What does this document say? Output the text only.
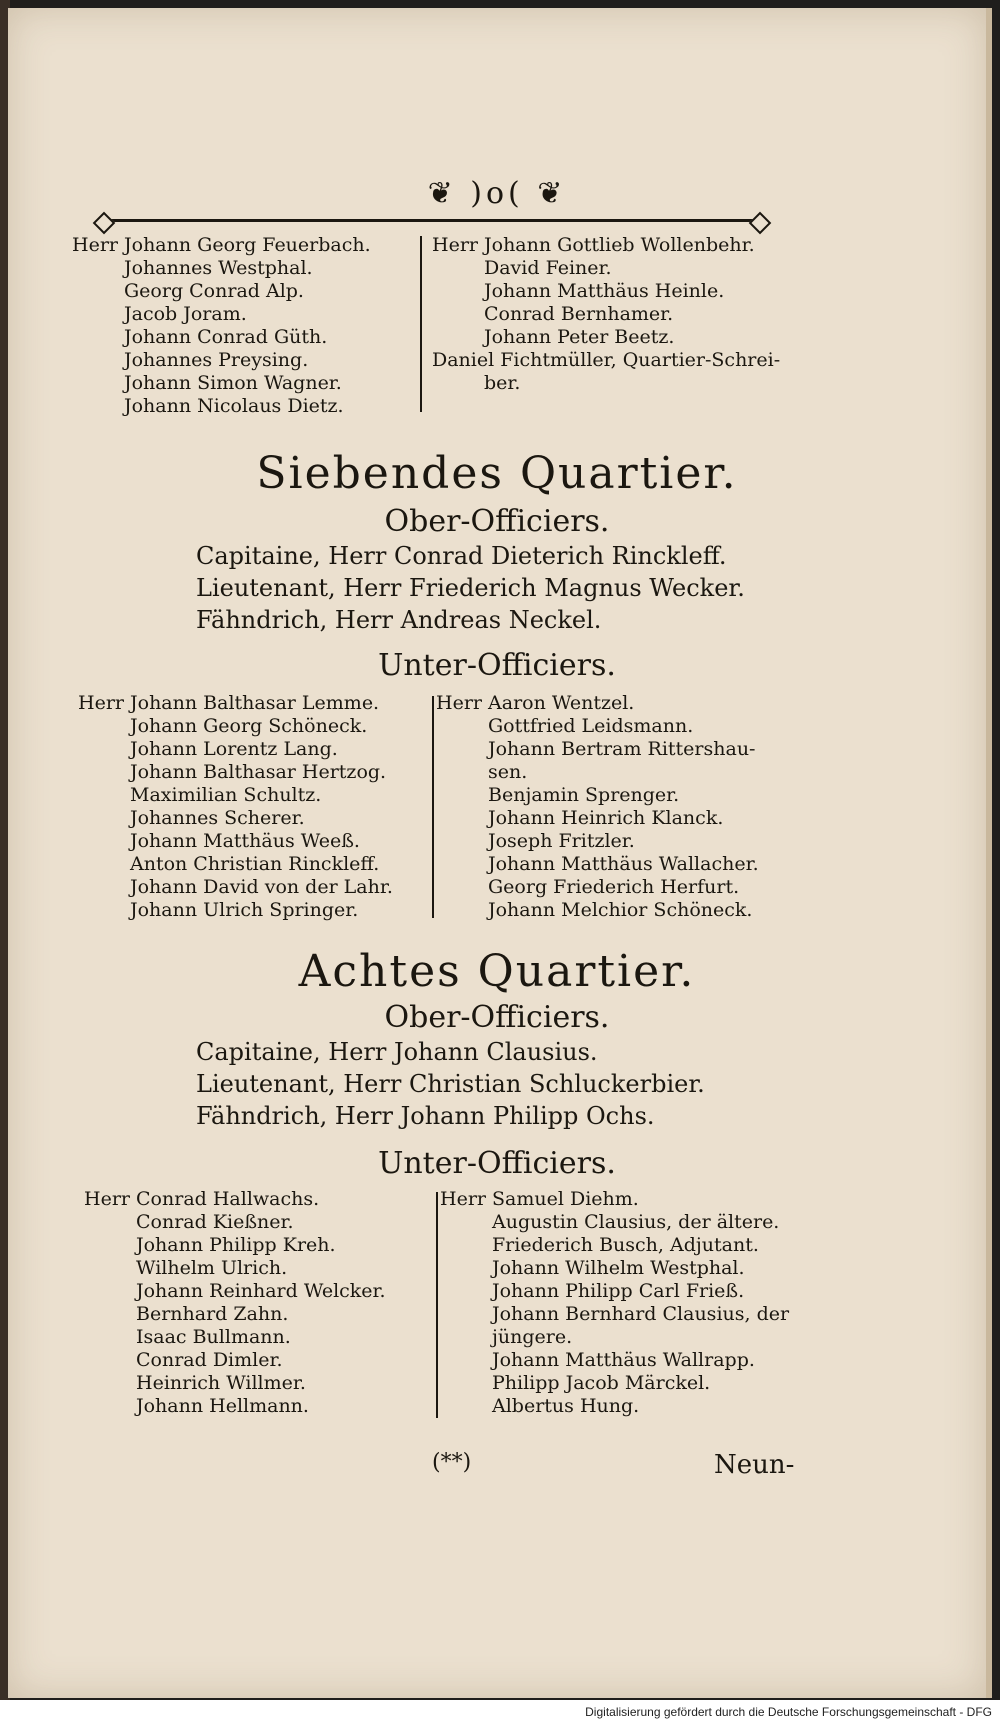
❦ )o( ❦
Herr Johann Georg Feuerbach.
Johannes Westphal.
Georg Conrad Alp.
Jacob Joram.
Johann Conrad Güth.
Johannes Preysing.
Johann Simon Wagner.
Johann Nicolaus Dietz.
Herr Johann Gottlieb Wollenbehr.
David Feiner.
Johann Matthäus Heinle.
Conrad Bernhamer.
Johann Peter Beetz.
Daniel Fichtmüller, Quartier-Schrei-
ber.
Siebendes Quartier.
Ober-Officiers.
Capitaine, Herr Conrad Dieterich Rinckleff.
Lieutenant, Herr Friederich Magnus Wecker.
Fähndrich, Herr Andreas Neckel.
Unter-Officiers.
Herr Johann Balthasar Lemme.
Johann Georg Schöneck.
Johann Lorentz Lang.
Johann Balthasar Hertzog.
Maximilian Schultz.
Johannes Scherer.
Johann Matthäus Weeß.
Anton Christian Rinckleff.
Johann David von der Lahr.
Johann Ulrich Springer.
Herr Aaron Wentzel.
Gottfried Leidsmann.
Johann Bertram Rittershau-
sen.
Benjamin Sprenger.
Johann Heinrich Klanck.
Joseph Fritzler.
Johann Matthäus Wallacher.
Georg Friederich Herfurt.
Johann Melchior Schöneck.
Achtes Quartier.
Ober-Officiers.
Capitaine, Herr Johann Clausius.
Lieutenant, Herr Christian Schluckerbier.
Fähndrich, Herr Johann Philipp Ochs.
Unter-Officiers.
Herr Conrad Hallwachs.
Conrad Kießner.
Johann Philipp Kreh.
Wilhelm Ulrich.
Johann Reinhard Welcker.
Bernhard Zahn.
Isaac Bullmann.
Conrad Dimler.
Heinrich Willmer.
Johann Hellmann.
Herr Samuel Diehm.
Augustin Clausius, der ältere.
Friederich Busch, Adjutant.
Johann Wilhelm Westphal.
Johann Philipp Carl Frieß.
Johann Bernhard Clausius, der
jüngere.
Johann Matthäus Wallrapp.
Philipp Jacob Märckel.
Albertus Hung.
(**)	Neun-
Digitalisierung gefördert durch die Deutsche Forschungsgemeinschaft - DFG
